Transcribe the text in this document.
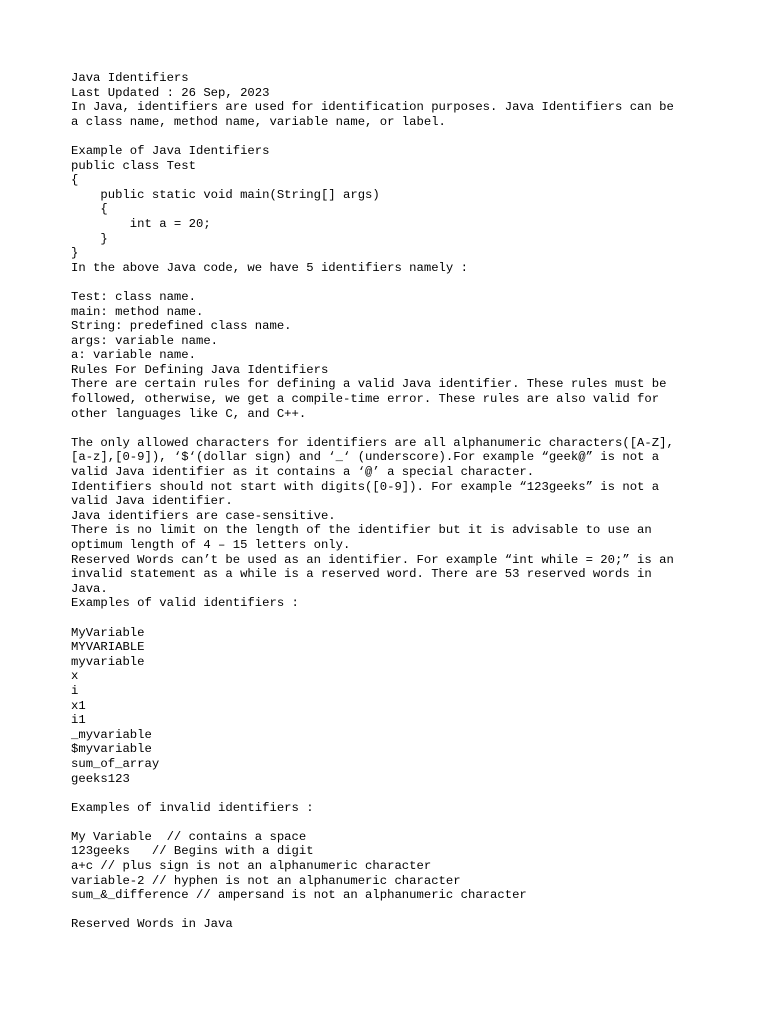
Java Identifiers
Last Updated : 26 Sep, 2023
In Java, identifiers are used for identification purposes. Java Identifiers can be
a class name, method name, variable name, or label.
Example of Java Identifiers
public class Test
{
public static void main(String[] args)
{
int a = 20;
}
}
In the above Java code, we have 5 identifiers namely :
Test: class name.
main: method name.
String: predefined class name.
args: variable name.
a: variable name.
Rules For Defining Java Identifiers
There are certain rules for defining a valid Java identifier. These rules must be
followed, otherwise, we get a compile-time error. These rules are also valid for
other languages like C, and C++.
The only allowed characters for identifiers are all alphanumeric characters([A-Z],
[a-z],[0-9]), ‘$‘(dollar sign) and ‘_‘ (underscore).For example “geek@” is not a
valid Java identifier as it contains a ‘@’ a special character.
Identifiers should not start with digits([0-9]). For example “123geeks” is not a
valid Java identifier.
Java identifiers are case-sensitive.
There is no limit on the length of the identifier but it is advisable to use an
optimum length of 4 – 15 letters only.
Reserved Words can’t be used as an identifier. For example “int while = 20;” is an
invalid statement as a while is a reserved word. There are 53 reserved words in
Java.
Examples of valid identifiers :
MyVariable
MYVARIABLE
myvariable
x
i
x1
i1
_myvariable
$myvariable
sum_of_array
geeks123
Examples of invalid identifiers :
My Variable  // contains a space
123geeks   // Begins with a digit
a+c // plus sign is not an alphanumeric character
variable-2 // hyphen is not an alphanumeric character
sum_&_difference // ampersand is not an alphanumeric character
Reserved Words in Java
